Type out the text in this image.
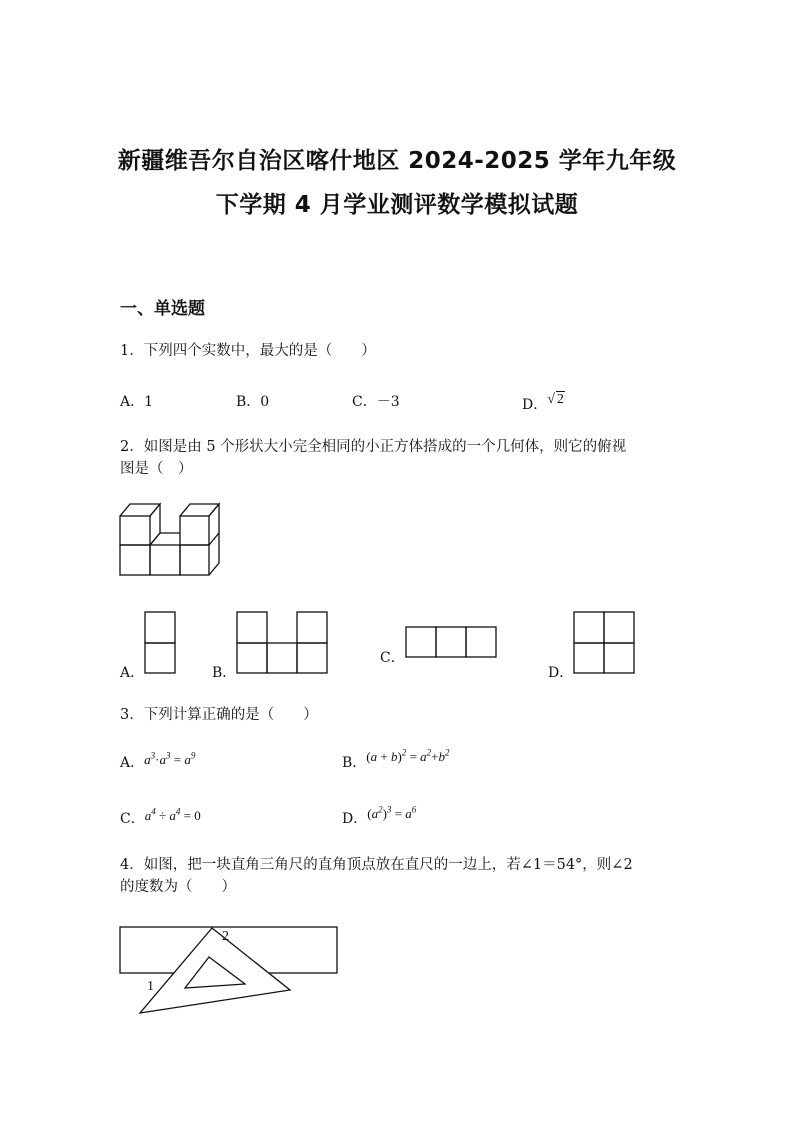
新疆维吾尔自治区喀什地区 2024-2025 学年九年级
下学期 4 月学业测评数学模拟试题
一、单选题
1．下列四个实数中，最大的是（　　）
A．1	B．0	C．－3	D．√ 2
2．如图是由 5 个形状大小完全相同的小正方体搭成的一个几何体，则它的俯视
图是（　）
A．	B．
C．
D．
3．下列计算正确的是（　　）
A．$a^3\cdot a^3 = a^9$	B．$(a + b)^2 = a^2+b^2$
C．$a^4 \div a^4 = 0$	D．$(a^2)^3 = a^6$
4．如图，把一块直角三角尺的直角顶点放在直尺的一边上，若∠1＝54°，则∠2
的度数为（　　）
1
2
